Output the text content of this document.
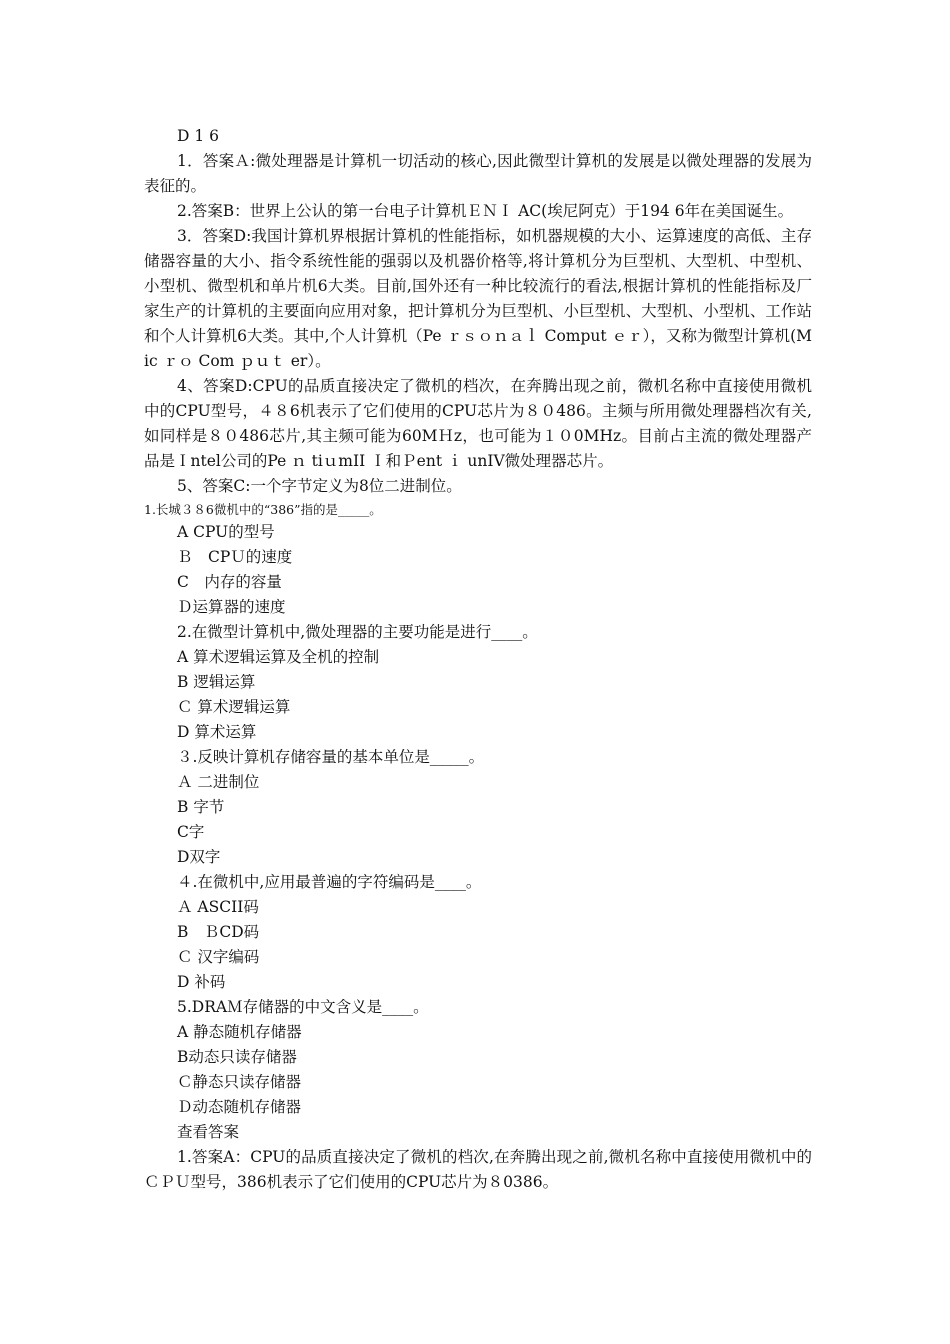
D 1 6

1．答案Ａ:微处理器是计算机一切活动的核心,因此微型计算机的发展是以微处理器的发展为表征的。

2.答案B：世界上公认的第一台电子计算机ＥＮＩ AC(埃尼阿克）于194 6年在美国诞生。

3．答案D:我国计算机界根据计算机的性能指标，如机器规模的大小、运算速度的高低、主存储器容量的大小、指令系统性能的强弱以及机器价格等,将计算机分为巨型机、大型机、中型机、小型机、微型机和单片机6大类。目前,国外还有一种比较流行的看法,根据计算机的性能指标及厂家生产的计算机的主要面向应用对象，把计算机分为巨型机、小巨型机、大型机、小型机、工作站和个人计算机6大类。其中,个人计算机（Pe ｒｓｏｎａｌ Comput ｅｒ），又称为微型计算机(Mic ｒｏ Com ｐｕｔ er）。

4、答案D:CPU的品质直接决定了微机的档次，在奔腾出现之前，微机名称中直接使用微机中的CPU型号，４８6机表示了它们使用的CPU芯片为８０486。主频与所用微处理器档次有关,如同样是８０486芯片,其主频可能为60MＨz，也可能为１０0MHz。目前占主流的微处理器产品是Ｉntel公司的Pe ｎ tiｕmII Ｉ和Ｐent ｉ unIV微处理器芯片。

5、答案C:一个字节定义为8位二进制位。

1.长城３８6微机中的“386”指的是_____。

A CPU的型号

Ｂ　CPＵ的速度

C　内存的容量

Ｄ运算器的速度

2.在微型计算机中,微处理器的主要功能是进行____。

A 算术逻辑运算及全机的控制

B 逻辑运算

Ｃ 算术逻辑运算

D 算术运算

３.反映计算机存储容量的基本单位是_____。

Ａ 二进制位

B 字节

C字

D双字

４.在微机中,应用最普遍的字符编码是____。

Ａ ASCII码

B　ＢCD码

Ｃ 汉字编码

D 补码

5.DRAＭ存储器的中文含义是____。

A 静态随机存储器

B动态只读存储器

Ｃ静态只读存储器

Ｄ动态随机存储器

查看答案

1.答案A：CPU的品质直接决定了微机的档次,在奔腾出现之前,微机名称中直接使用微机中的ＣＰＵ型号，386机表示了它们使用的CPU芯片为８0386。
